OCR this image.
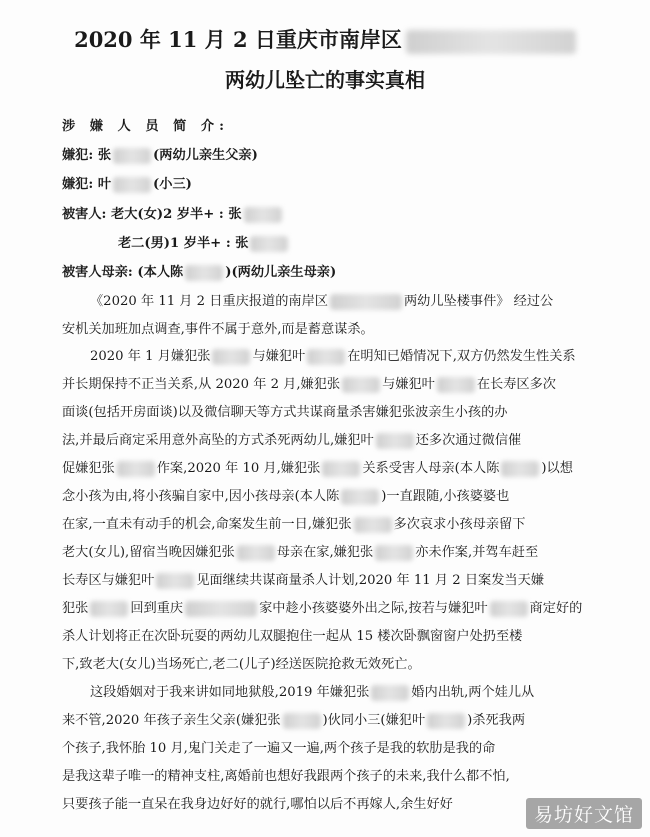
2020 年 11 月 2 日重庆市南岸区
两幼儿坠亡的事实真相
涉 嫌 人 员 简 介:
嫌犯: 张	(两幼儿亲生父亲)
嫌犯: 叶	(小三)
被害人: 老大(女)2 岁半+ : 张
老二(男)1 岁半+ : 张
被害人母亲: (本人陈	)(两幼儿亲生母亲)
《2020 年 11 月 2 日重庆报道的南岸区	两幼儿坠楼事件》 经过公
安机关加班加点调查,事件不属于意外,而是蓄意谋杀。
2020 年 1 月嫌犯张	与嫌犯叶	在明知已婚情况下,双方仍然发生性关系
并长期保持不正当关系,从 2020 年 2 月,嫌犯张	与嫌犯叶	在长寿区多次
面谈(包括开房面谈)以及微信聊天等方式共谋商量杀害嫌犯张波亲生小孩的办
法,并最后商定采用意外高坠的方式杀死两幼儿,嫌犯叶	还多次通过微信催
促嫌犯张	作案,2020 年 10 月,嫌犯张	关系受害人母亲(本人陈	)以想
念小孩为由,将小孩骗自家中,因小孩母亲(本人陈	)一直跟随,小孩婆婆也
在家,一直未有动手的机会,命案发生前一日,嫌犯张	多次哀求小孩母亲留下
老大(女儿),留宿当晚因嫌犯张	母亲在家,嫌犯张	亦未作案,并驾车赶至
长寿区与嫌犯叶	见面继续共谋商量杀人计划,2020 年 11 月 2 日案发当天嫌
犯张	回到重庆	家中趁小孩婆婆外出之际,按若与嫌犯叶	商定好的
杀人计划将正在次卧玩耍的两幼儿双腿抱住一起从 15 楼次卧飘窗窗户处扔至楼
下,致老大(女儿)当场死亡,老二(儿子)经送医院抢救无效死亡。
这段婚姻对于我来讲如同地狱般,2019 年嫌犯张	婚内出轨,两个娃儿从
来不管,2020 年孩子亲生父亲(嫌犯张	)伙同小三(嫌犯叶	)杀死我两
个孩子,我怀胎 10 月,鬼门关走了一遍又一遍,两个孩子是我的软肋是我的命
是我这辈子唯一的精神支柱,离婚前也想好我跟两个孩子的未来,我什么都不怕,
只要孩子能一直呆在我身边好好的就行,哪怕以后不再嫁人,余生好好	易坊好文馆
